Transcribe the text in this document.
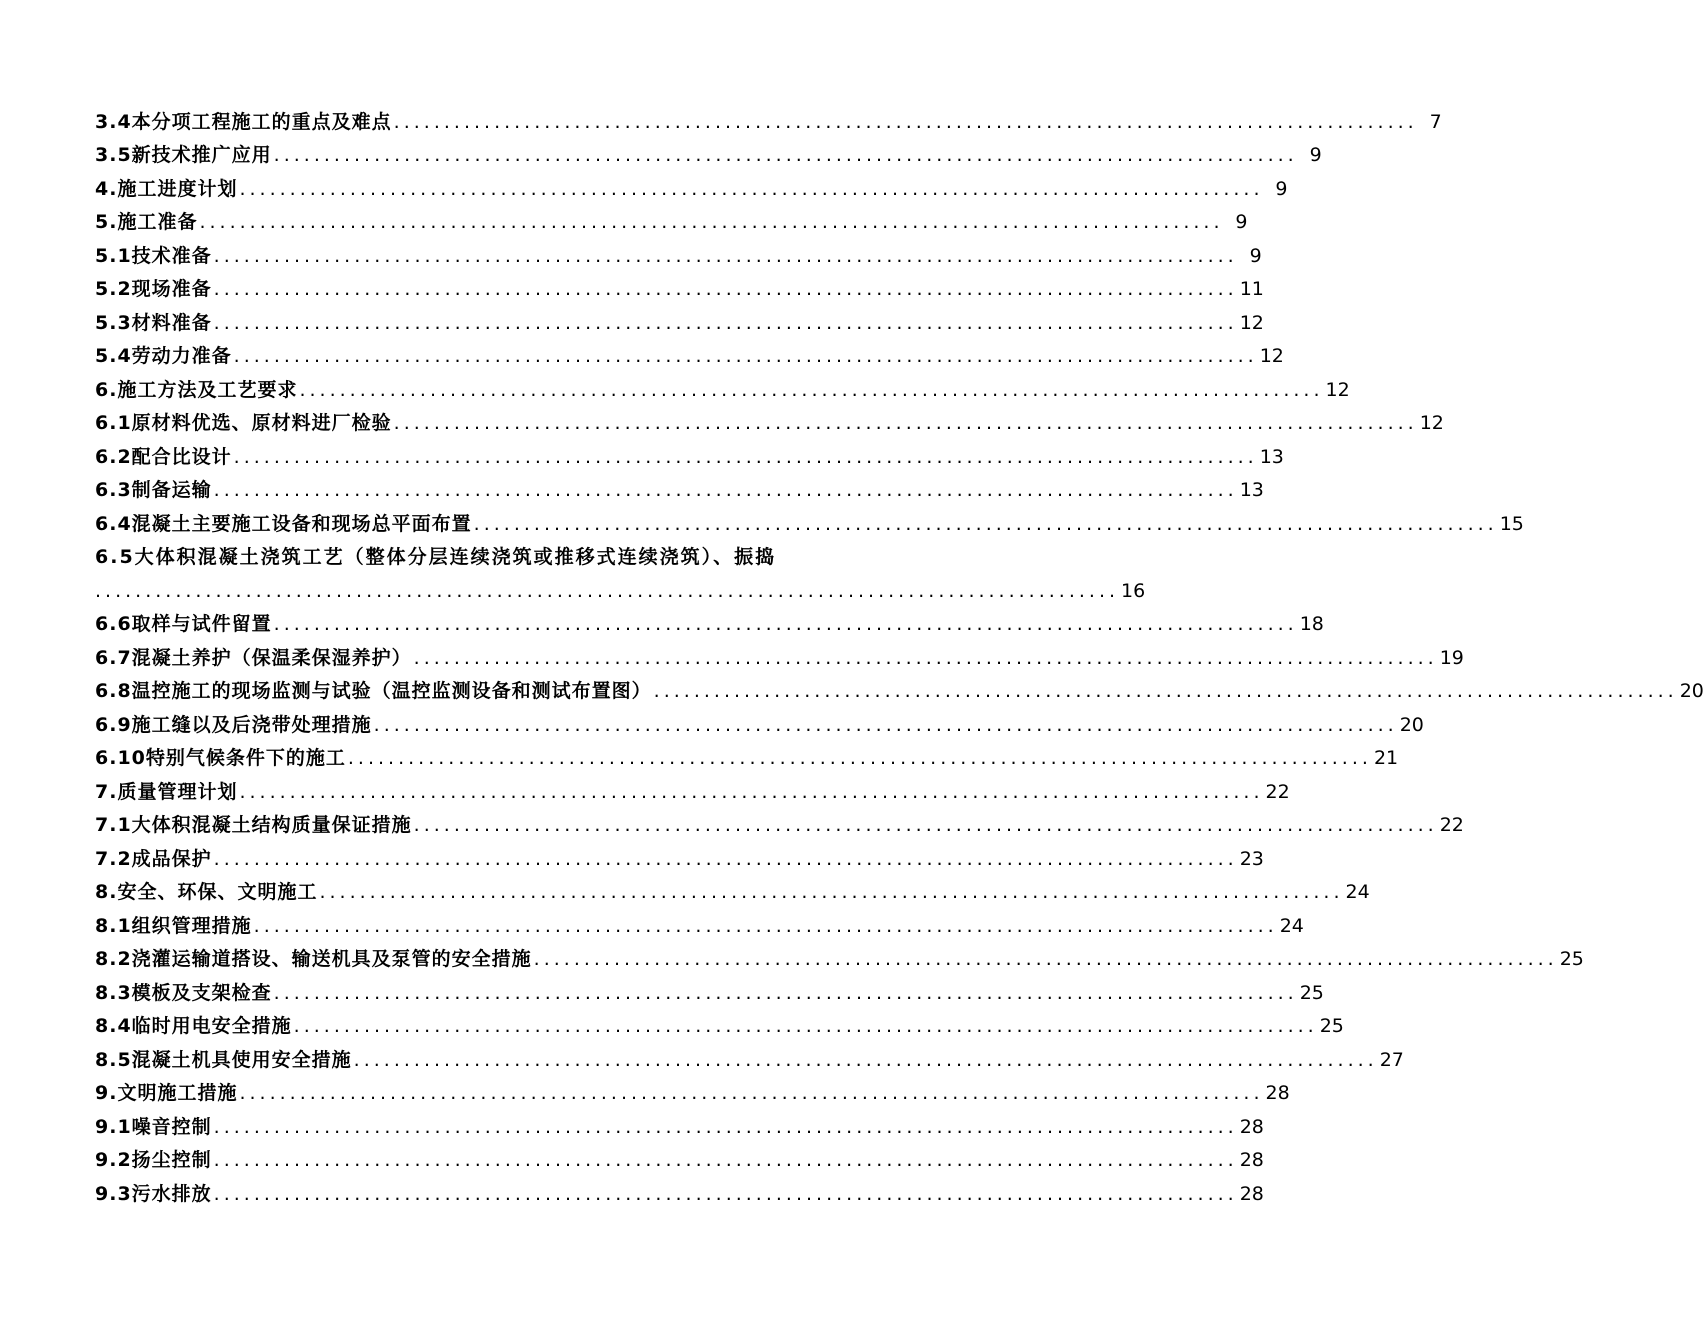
3.4本分项工程施工的重点及难点 ...................................................................................................... 7
3.5新技术推广应用 ...................................................................................................... 9
4.施工进度计划 ...................................................................................................... 9
5.施工准备 ...................................................................................................... 9
5.1技术准备 ...................................................................................................... 9
5.2现场准备 ...................................................................................................... 11
5.3材料准备 ...................................................................................................... 12
5.4劳动力准备 ...................................................................................................... 12
6.施工方法及工艺要求 ...................................................................................................... 12
6.1原材料优选、原材料进厂检验 ...................................................................................................... 12
6.2配合比设计 ...................................................................................................... 13
6.3制备运输 ...................................................................................................... 13
6.4混凝土主要施工设备和现场总平面布置 ...................................................................................................... 15
6.5大体积混凝土浇筑工艺（整体分层连续浇筑或推移式连续浇筑）、振捣
...................................................................................................... 16
6.6取样与试件留置 ...................................................................................................... 18
6.7混凝土养护（保温柔保湿养护） ...................................................................................................... 19
6.8温控施工的现场监测与试验（温控监测设备和测试布置图） ...................................................................................................... 20
6.9施工缝以及后浇带处理措施 ...................................................................................................... 20
6.10特别气候条件下的施工 ...................................................................................................... 21
7.质量管理计划 ...................................................................................................... 22
7.1大体积混凝土结构质量保证措施 ...................................................................................................... 22
7.2成品保护 ...................................................................................................... 23
8.安全、环保、文明施工 ...................................................................................................... 24
8.1组织管理措施 ...................................................................................................... 24
8.2浇灌运输道搭设、输送机具及泵管的安全措施 ...................................................................................................... 25
8.3模板及支架检查 ...................................................................................................... 25
8.4临时用电安全措施 ...................................................................................................... 25
8.5混凝土机具使用安全措施 ...................................................................................................... 27
9.文明施工措施 ...................................................................................................... 28
9.1噪音控制 ...................................................................................................... 28
9.2扬尘控制 ...................................................................................................... 28
9.3污水排放 ...................................................................................................... 28
